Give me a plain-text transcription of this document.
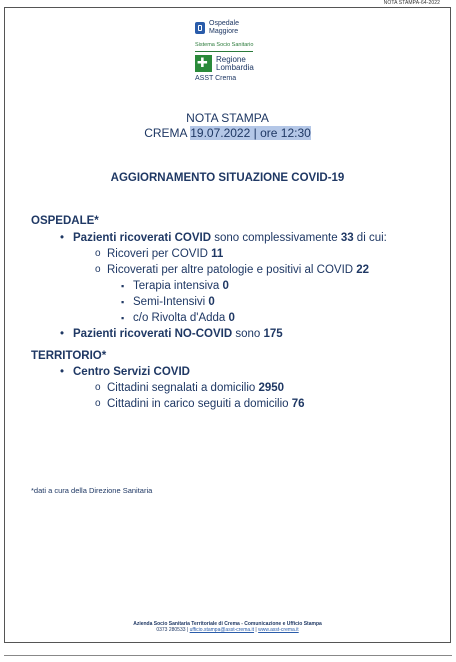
NOTA STAMPA-64-2022
Ospedale
Maggiore
Sistema Socio Sanitario
✚
Regione
Lombardia
ASST Crema
NOTA STAMPA
CREMA 19.07.2022 | ore 12:30
AGGIORNAMENTO SITUAZIONE COVID-19
OSPEDALE*
• Pazienti ricoverati COVID sono complessivamente 33 di cui:
o Ricoveri per COVID 11
o Ricoverati per altre patologie e positivi al COVID 22
▪ Terapia intensiva 0
▪ Semi-Intensivi 0
▪ c/o Rivolta d'Adda 0
• Pazienti ricoverati NO-COVID sono 175
TERRITORIO*
• Centro Servizi COVID
o Cittadini segnalati a domicilio 2950
o Cittadini in carico seguiti a domicilio 76
*dati a cura della Direzione Sanitaria
Azienda Socio Sanitaria Territoriale di Crema - Comunicazione e Ufficio Stampa
0373 280533 | ufficio.stampa@asst-crema.it | www.asst-crema.it
